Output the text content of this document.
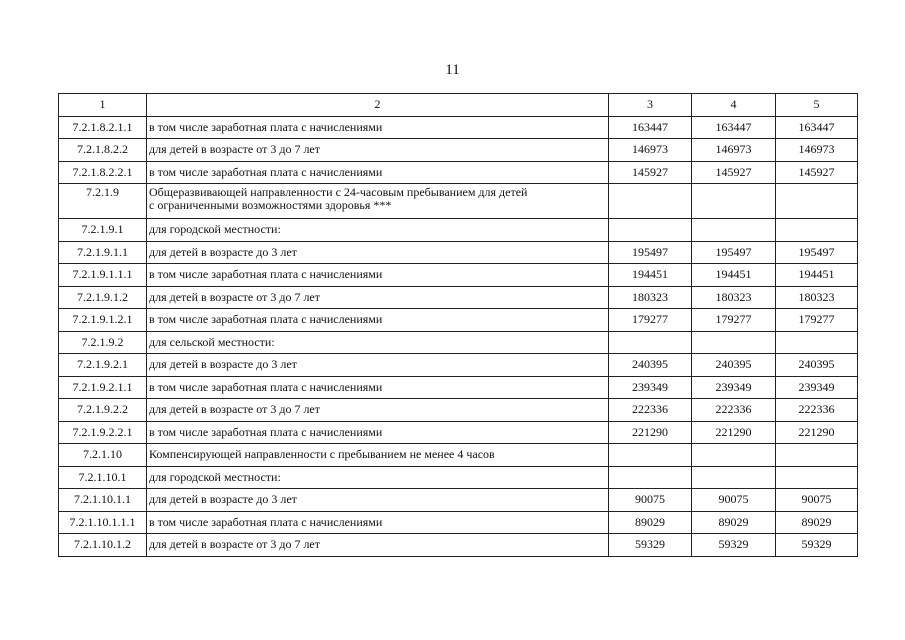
11
1	2	3	4	5
7.2.1.8.2.1.1	в том числе заработная плата с начислениями	163447	163447	163447
7.2.1.8.2.2	для детей в возрасте от 3 до 7 лет	146973	146973	146973
7.2.1.8.2.2.1	в том числе заработная плата с начислениями	145927	145927	145927
7.2.1.9	Общеразвивающей направленности с 24-часовым пребыванием для детей
с ограниченными возможностями здоровья ***			

7.2.1.9.1	для городской местности:			
7.2.1.9.1.1	для детей в возрасте до 3 лет	195497	195497	195497
7.2.1.9.1.1.1	в том числе заработная плата с начислениями	194451	194451	194451
7.2.1.9.1.2	для детей в возрасте от 3 до 7 лет	180323	180323	180323
7.2.1.9.1.2.1	в том числе заработная плата с начислениями	179277	179277	179277
7.2.1.9.2	для сельской местности:			
7.2.1.9.2.1	для детей в возрасте до 3 лет	240395	240395	240395
7.2.1.9.2.1.1	в том числе заработная плата с начислениями	239349	239349	239349
7.2.1.9.2.2	для детей в возрасте от 3 до 7 лет	222336	222336	222336
7.2.1.9.2.2.1	в том числе заработная плата с начислениями	221290	221290	221290
7.2.1.10	Компенсирующей направленности с пребыванием не менее 4 часов			
7.2.1.10.1	для городской местности:			
7.2.1.10.1.1	для детей в возрасте до 3 лет	90075	90075	90075
7.2.1.10.1.1.1	в том числе заработная плата с начислениями	89029	89029	89029
7.2.1.10.1.2	для детей в возрасте от 3 до 7 лет	59329	59329	59329
